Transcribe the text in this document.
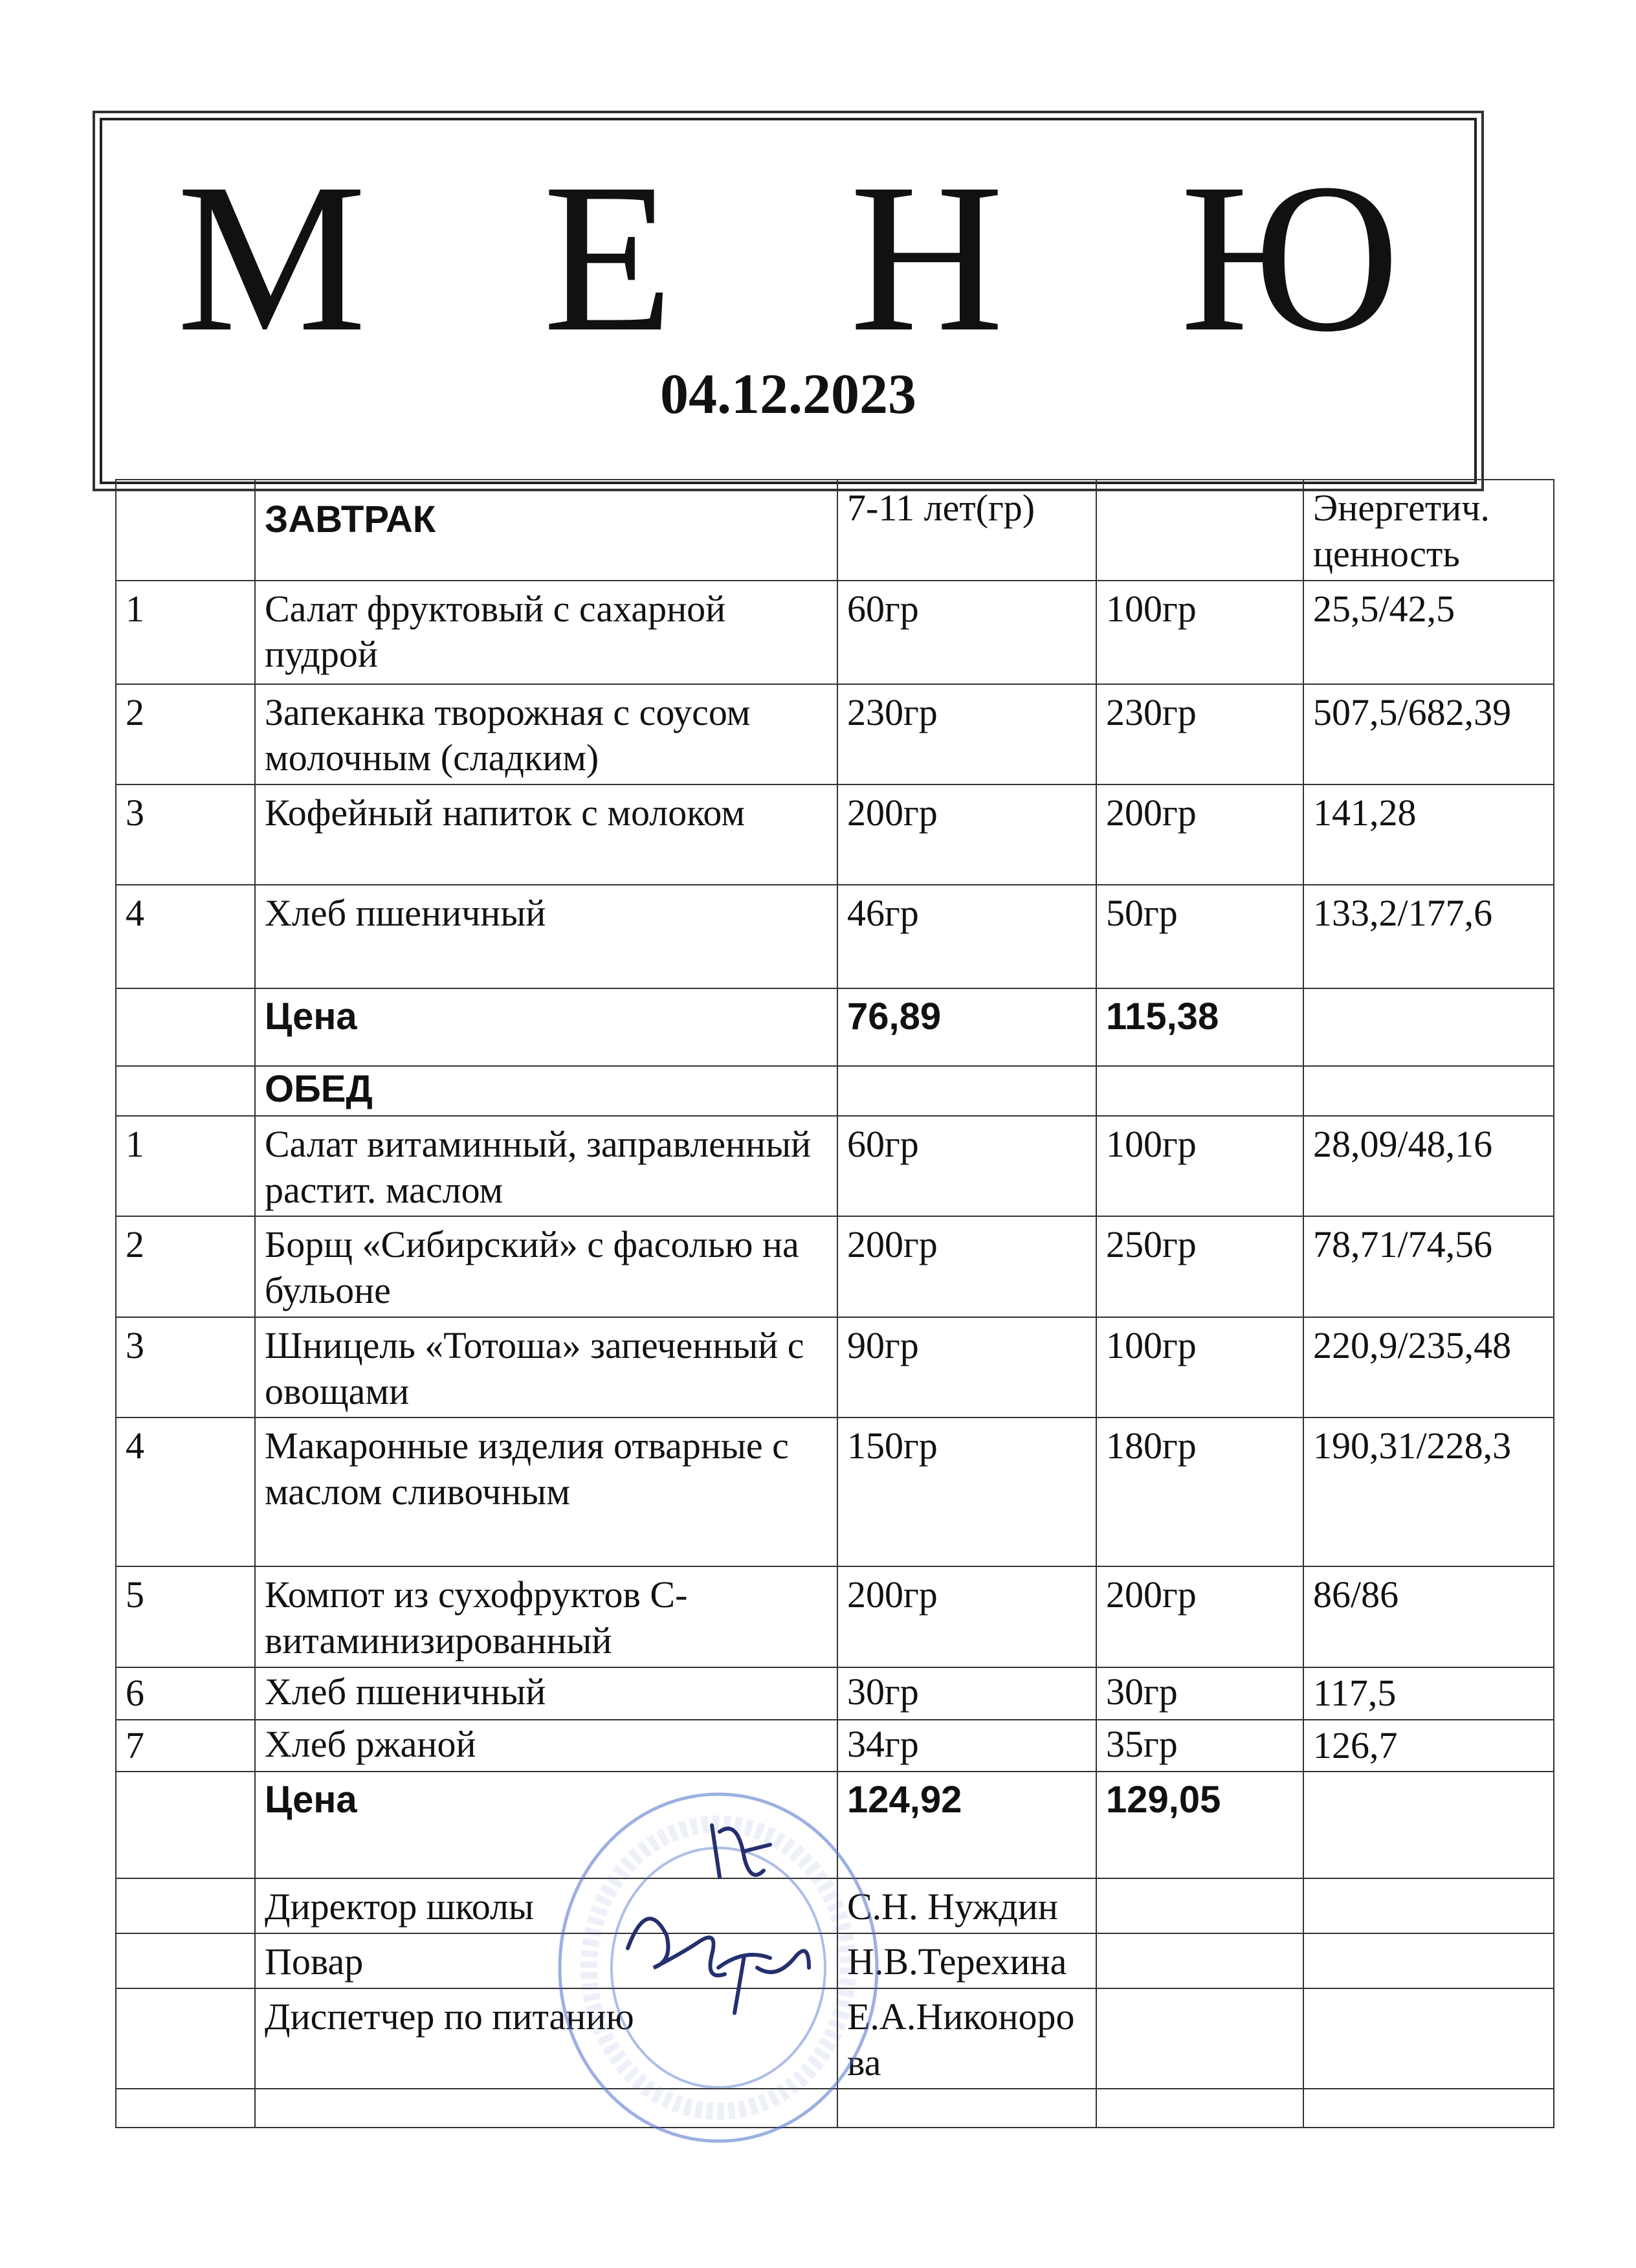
М Е Н Ю
04.12.2023
	ЗАВТРАК	7-11 лет(гр)		Энергетич. ценность
1	Салат фруктовый с сахарной пудрой	60гр	100гр	25,5/42,5
2	Запеканка творожная с соусом молочным (сладким)	230гр	230гр	507,5/682,39
3	Кофейный напиток с молоком	200гр	200гр	141,28
4	Хлеб пшеничный	46гр	50гр	133,2/177,6
	Цена	76,89	115,38	
	ОБЕД			
1	Салат витаминный, заправленный растит. маслом	60гр	100гр	28,09/48,16
2	Борщ «Сибирский» с фасолью на бульоне	200гр	250гр	78,71/74,56
3	Шницель «Тотоша» запеченный с овощами	90гр	100гр	220,9/235,48
4	Макаронные изделия отварные с маслом сливочным	150гр	180гр	190,31/228,3
5	Компот из сухофруктов С-витаминизированный	200гр	200гр	86/86
6	Хлеб пшеничный	30гр	30гр	117,5
7	Хлеб ржаной	34гр	35гр	126,7
	Цена	124,92	129,05	
	Директор школы	С.Н. Нуждин		
	Повар	Н.В.Терехина		
	Диспетчер по питанию	Е.А.Никонорова		
